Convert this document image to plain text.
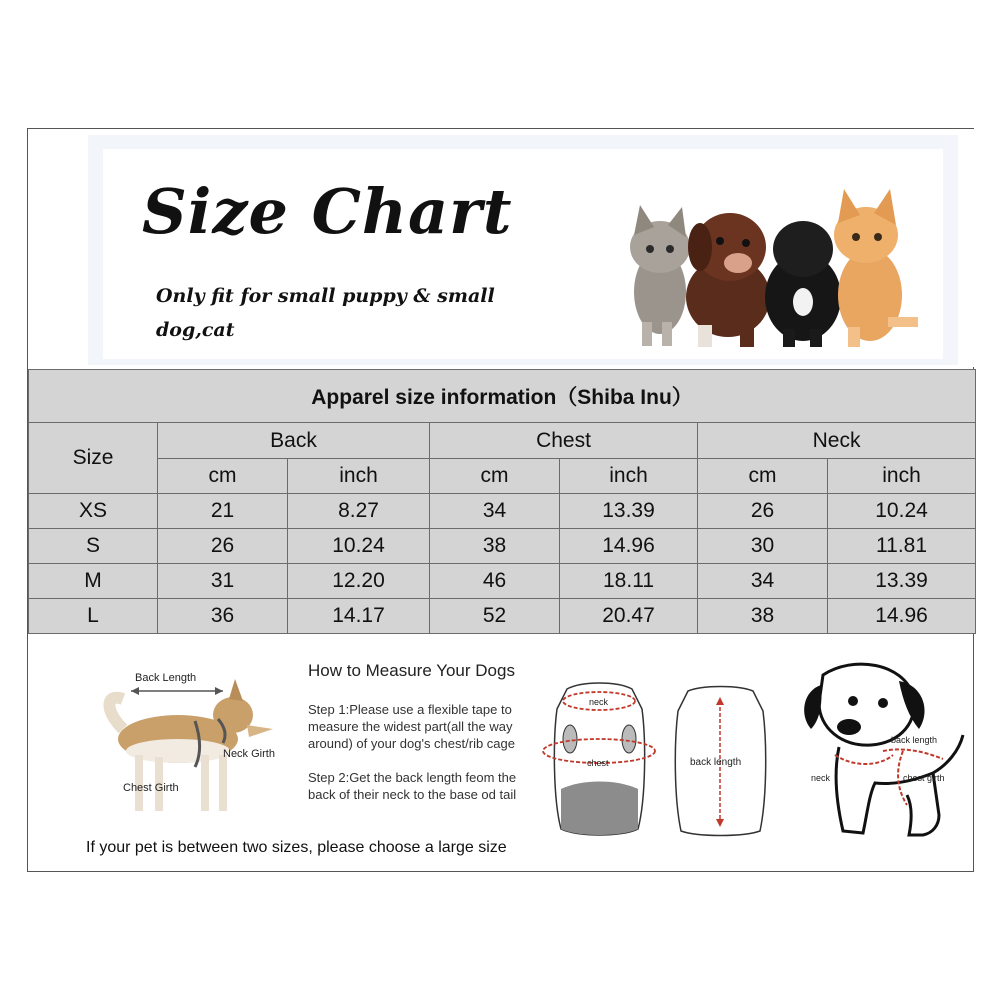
Size Chart
Only fit for small puppy & small dog,cat
Apparel size information（Shiba Inu）						
Size	Back		Chest		Neck	
	cm	inch	cm	inch	cm	inch
XS	21	8.27	34	13.39	26	10.24
S	26	10.24	38	14.96	30	11.81
M	31	12.20	46	18.11	34	13.39
L	36	14.17	52	20.47	38	14.96
Back Length
Neck Girth
Chest Girth
How to Measure Your Dogs
Step 1:Please use a flexible tape to
measure the widest part(all the way
around) of your dog's chest/rib cage
Step 2:Get the back length feom the
back of their neck to the base od tail
If your pet is between two sizes, please choose a large size
neck
chest	back length
back length
neck	chest girth
